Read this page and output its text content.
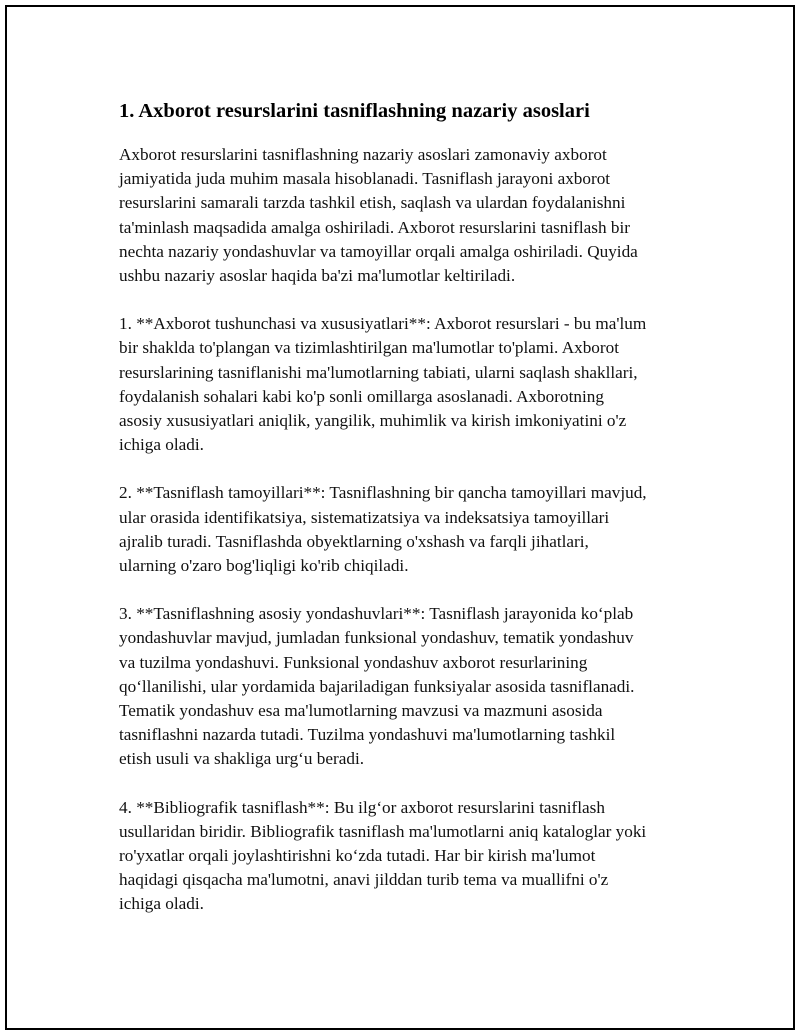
1. Axborot resurslarini tasniflashning nazariy asoslari

Axborot resurslarini tasniflashning nazariy asoslari zamonaviy axborot
jamiyatida juda muhim masala hisoblanadi. Tasniflash jarayoni axborot
resurslarini samarali tarzda tashkil etish, saqlash va ulardan foydalanishni
ta'minlash maqsadida amalga oshiriladi. Axborot resurslarini tasniflash bir
nechta nazariy yondashuvlar va tamoyillar orqali amalga oshiriladi. Quyida
ushbu nazariy asoslar haqida ba'zi ma'lumotlar keltiriladi.

1. **Axborot tushunchasi va xususiyatlari**: Axborot resurslari - bu ma'lum
bir shaklda to'plangan va tizimlashtirilgan ma'lumotlar to'plami. Axborot
resurslarining tasniflanishi ma'lumotlarning tabiati, ularni saqlash shakllari,
foydalanish sohalari kabi ko'p sonli omillarga asoslanadi. Axborotning
asosiy xususiyatlari aniqlik, yangilik, muhimlik va kirish imkoniyatini o'z
ichiga oladi.

2. **Tasniflash tamoyillari**: Tasniflashning bir qancha tamoyillari mavjud,
ular orasida identifikatsiya, sistematizatsiya va indeksatsiya tamoyillari
ajralib turadi. Tasniflashda obyektlarning o'xshash va farqli jihatlari,
ularning o'zaro bog'liqligi ko'rib chiqiladi.

3. **Tasniflashning asosiy yondashuvlari**: Tasniflash jarayonida ko‘plab
yondashuvlar mavjud, jumladan funksional yondashuv, tematik yondashuv
va tuzilma yondashuvi. Funksional yondashuv axborot resurlarining
qo‘llanilishi, ular yordamida bajariladigan funksiyalar asosida tasniflanadi.
Tematik yondashuv esa ma'lumotlarning mavzusi va mazmuni asosida
tasniflashni nazarda tutadi. Tuzilma yondashuvi ma'lumotlarning tashkil
etish usuli va shakliga urg‘u beradi.

4. **Bibliografik tasniflash**: Bu ilg‘or axborot resurslarini tasniflash
usullaridan biridir. Bibliografik tasniflash ma'lumotlarni aniq kataloglar yoki
ro'yxatlar orqali joylashtirishni ko‘zda tutadi. Har bir kirish ma'lumot
haqidagi qisqacha ma'lumotni, anavi jilddan turib tema va muallifni o'z
ichiga oladi.
